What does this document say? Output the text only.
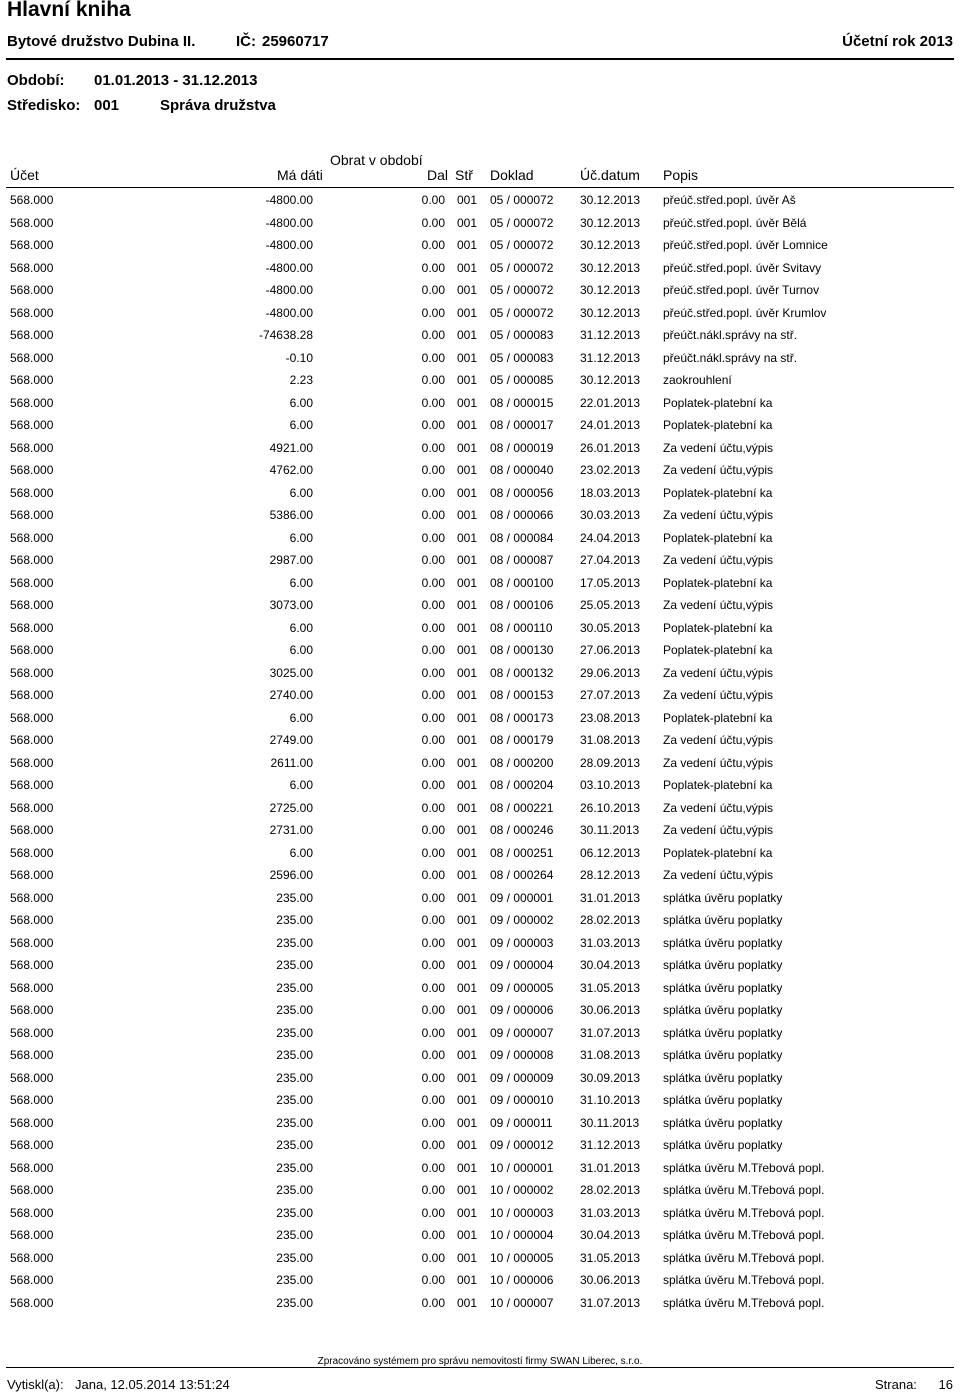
Hlavní kniha
Bytové družstvo Dubina II.	IČ: 25960717	Účetní rok 2013
Období: 01.01.2013 - 31.12.2013
Středisko: 001	Správa družstva
Obrat v období
Účet	Má dáti	Dal Stř Doklad	Úč.datum Popis
568.000	-4800.00	0.00 001 05 / 000072 30.12.2013 přeúč.střed.popl. úvěr Aš
568.000	-4800.00	0.00 001 05 / 000072 30.12.2013 přeúč.střed.popl. úvěr Bělá
568.000	-4800.00	0.00 001 05 / 000072 30.12.2013 přeúč.střed.popl. úvěr Lomnice
568.000	-4800.00	0.00 001 05 / 000072 30.12.2013 přeúč.střed.popl. úvěr Svitavy
568.000	-4800.00	0.00 001 05 / 000072 30.12.2013 přeúč.střed.popl. úvěr Turnov
568.000	-4800.00	0.00 001 05 / 000072 30.12.2013 přeúč.střed.popl. úvěr Krumlov
568.000	-74638.28	0.00 001 05 / 000083 31.12.2013 přeúčt.nákl.správy na stř.
568.000	-0.10	0.00 001 05 / 000083 31.12.2013 přeúčt.nákl.správy na stř.
568.000	2.23	0.00 001 05 / 000085 30.12.2013 zaokrouhlení
568.000	6.00	0.00 001 08 / 000015 22.01.2013 Poplatek-platební ka
568.000	6.00	0.00 001 08 / 000017 24.01.2013 Poplatek-platební ka
568.000	4921.00	0.00 001 08 / 000019 26.01.2013 Za vedení účtu,výpis
568.000	4762.00	0.00 001 08 / 000040 23.02.2013 Za vedení účtu,výpis
568.000	6.00	0.00 001 08 / 000056 18.03.2013 Poplatek-platební ka
568.000	5386.00	0.00 001 08 / 000066 30.03.2013 Za vedení účtu,výpis
568.000	6.00	0.00 001 08 / 000084 24.04.2013 Poplatek-platební ka
568.000	2987.00	0.00 001 08 / 000087 27.04.2013 Za vedení účtu,výpis
568.000	6.00	0.00 001 08 / 000100 17.05.2013 Poplatek-platební ka
568.000	3073.00	0.00 001 08 / 000106 25.05.2013 Za vedení účtu,výpis
568.000	6.00	0.00 001 08 / 000110 30.05.2013 Poplatek-platební ka
568.000	6.00	0.00 001 08 / 000130 27.06.2013 Poplatek-platební ka
568.000	3025.00	0.00 001 08 / 000132 29.06.2013 Za vedení účtu,výpis
568.000	2740.00	0.00 001 08 / 000153 27.07.2013 Za vedení účtu,výpis
568.000	6.00	0.00 001 08 / 000173 23.08.2013 Poplatek-platební ka
568.000	2749.00	0.00 001 08 / 000179 31.08.2013 Za vedení účtu,výpis
568.000	2611.00	0.00 001 08 / 000200 28.09.2013 Za vedení účtu,výpis
568.000	6.00	0.00 001 08 / 000204 03.10.2013 Poplatek-platební ka
568.000	2725.00	0.00 001 08 / 000221 26.10.2013 Za vedení účtu,výpis
568.000	2731.00	0.00 001 08 / 000246 30.11.2013 Za vedení účtu,výpis
568.000	6.00	0.00 001 08 / 000251 06.12.2013 Poplatek-platební ka
568.000	2596.00	0.00 001 08 / 000264 28.12.2013 Za vedení účtu,výpis
568.000	235.00	0.00 001 09 / 000001 31.01.2013 splátka úvěru poplatky
568.000	235.00	0.00 001 09 / 000002 28.02.2013 splátka úvěru poplatky
568.000	235.00	0.00 001 09 / 000003 31.03.2013 splátka úvěru poplatky
568.000	235.00	0.00 001 09 / 000004 30.04.2013 splátka úvěru poplatky
568.000	235.00	0.00 001 09 / 000005 31.05.2013 splátka úvěru poplatky
568.000	235.00	0.00 001 09 / 000006 30.06.2013 splátka úvěru poplatky
568.000	235.00	0.00 001 09 / 000007 31.07.2013 splátka úvěru poplatky
568.000	235.00	0.00 001 09 / 000008 31.08.2013 splátka úvěru poplatky
568.000	235.00	0.00 001 09 / 000009 30.09.2013 splátka úvěru poplatky
568.000	235.00	0.00 001 09 / 000010 31.10.2013 splátka úvěru poplatky
568.000	235.00	0.00 001 09 / 000011 30.11.2013 splátka úvěru poplatky
568.000	235.00	0.00 001 09 / 000012 31.12.2013 splátka úvěru poplatky
568.000	235.00	0.00 001 10 / 000001 31.01.2013 splátka úvěru M.Třebová popl.
568.000	235.00	0.00 001 10 / 000002 28.02.2013 splátka úvěru M.Třebová popl.
568.000	235.00	0.00 001 10 / 000003 31.03.2013 splátka úvěru M.Třebová popl.
568.000	235.00	0.00 001 10 / 000004 30.04.2013 splátka úvěru M.Třebová popl.
568.000	235.00	0.00 001 10 / 000005 31.05.2013 splátka úvěru M.Třebová popl.
568.000	235.00	0.00 001 10 / 000006 30.06.2013 splátka úvěru M.Třebová popl.
568.000	235.00	0.00 001 10 / 000007 31.07.2013 splátka úvěru M.Třebová popl.
Zpracováno systémem pro správu nemovitostí firmy SWAN Liberec, s.r.o.
Vytiskl(a): Jana, 12.05.2014 13:51:24	Strana: 16
